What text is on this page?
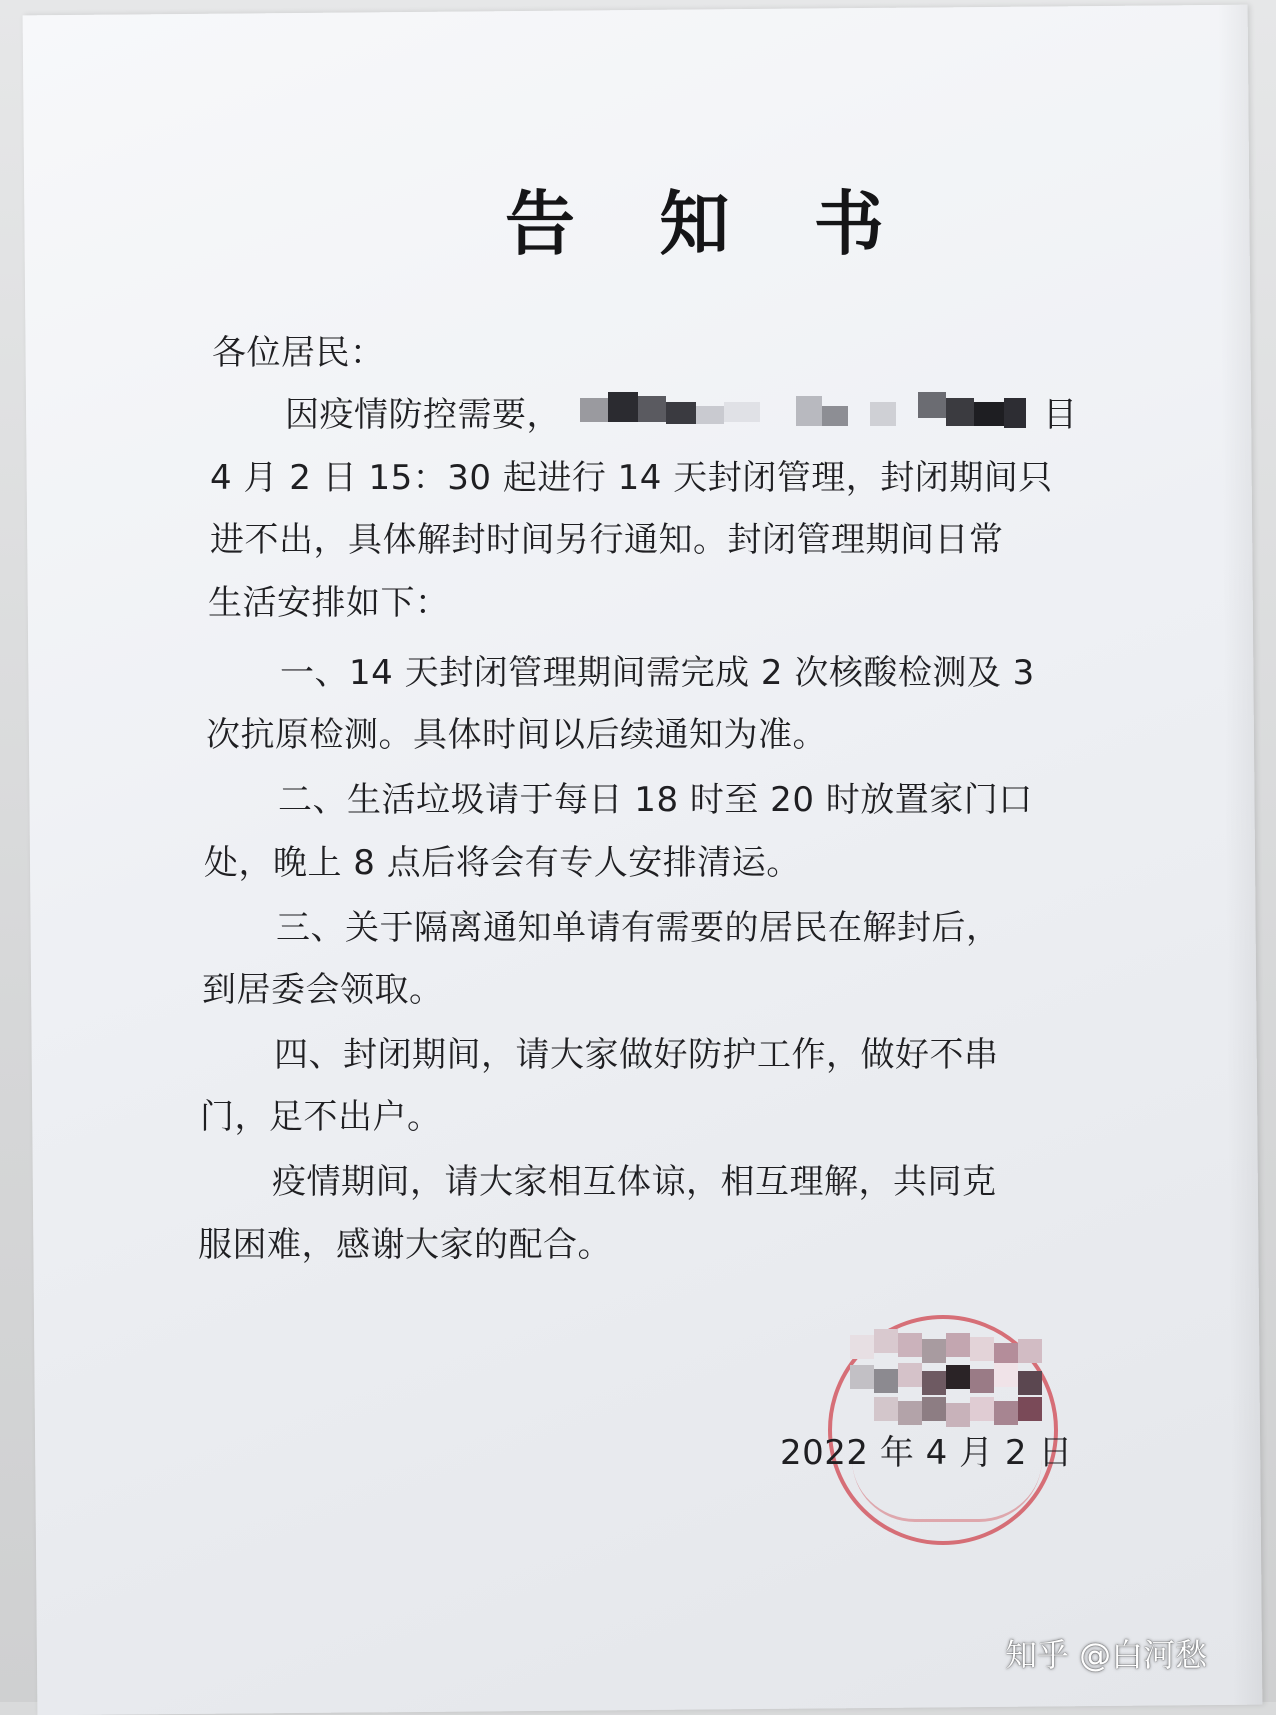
告 知 书
各位居民：
因疫情防控需要，	目
4 月 2 日 15：30 起进行 14 天封闭管理，封闭期间只
进不出，具体解封时间另行通知。封闭管理期间日常
生活安排如下：
一、14 天封闭管理期间需完成 2 次核酸检测及 3
次抗原检测。具体时间以后续通知为准。
二、生活垃圾请于每日 18 时至 20 时放置家门口
处，晚上 8 点后将会有专人安排清运。
三、关于隔离通知单请有需要的居民在解封后，
到居委会领取。
四、封闭期间，请大家做好防护工作，做好不串
门，足不出户。
疫情期间，请大家相互体谅，相互理解，共同克
服困难，感谢大家的配合。
2022 年 4 月 2 日
知乎 @白河愁
